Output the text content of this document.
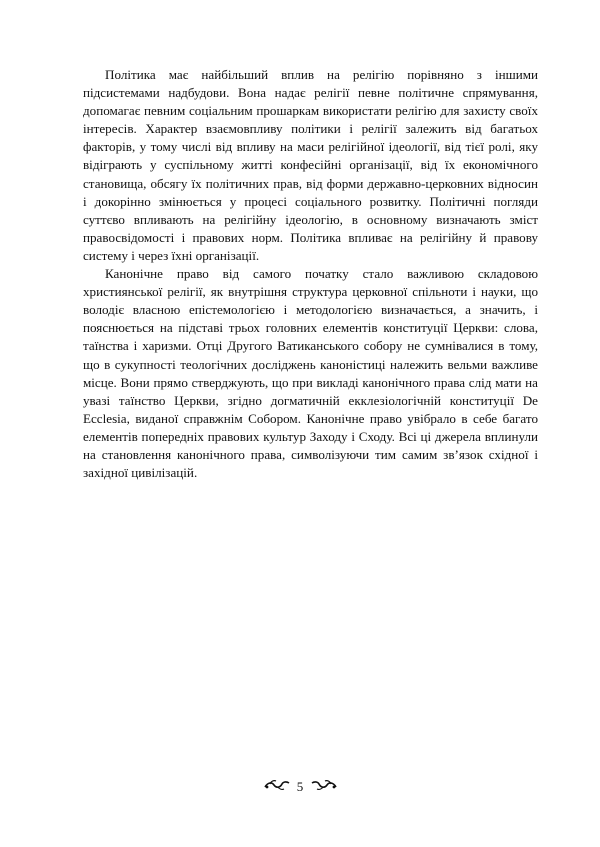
Політика має найбільший вплив на релігію порівняно з іншими підсистемами надбудови. Вона надає релігії певне політичне спрямування, допомагає певним соціальним прошаркам використати релігію для захисту своїх інтересів. Характер взаємовпливу політики і релігії залежить від багатьох факторів, у тому числі від впливу на маси релігійної ідеології, від тієї ролі, яку відіграють у суспільному житті конфесійні організації, від їх економічного становища, обсягу їх політичних прав, від форми державно-церковних відносин і докорінно змінюється у процесі соціального розвитку. Політичні погляди суттєво впливають на релігійну ідеологію, в основному визначають зміст правосвідомості і правових норм. Політика впливає на релігійну й правову систему і через їхні організації.

Канонічне право від самого початку стало важливою складовою християнської релігії, як внутрішня структура церковної спільноти і науки, що володіє власною епістемологією і методологією визначається, а значить, і пояснюється на підставі трьох головних елементів конституції Церкви: слова, таїнства і харизми. Отці Другого Ватиканського собору не сумнівалися в тому, що в сукупності теологічних досліджень каноністиці належить вельми важливе місце. Вони прямо стверджують, що при викладі канонічного права слід мати на увазі таїнство Церкви, згідно догматичній екклезіологічній конституції De Ecclesia, виданої справжнім Собором. Канонічне право увібрало в себе багато елементів попередніх правових культур Заходу і Сходу. Всі ці джерела вплинули на становлення канонічного права, символізуючи тим самим зв’язок східної і західної цивілізацій.

5
